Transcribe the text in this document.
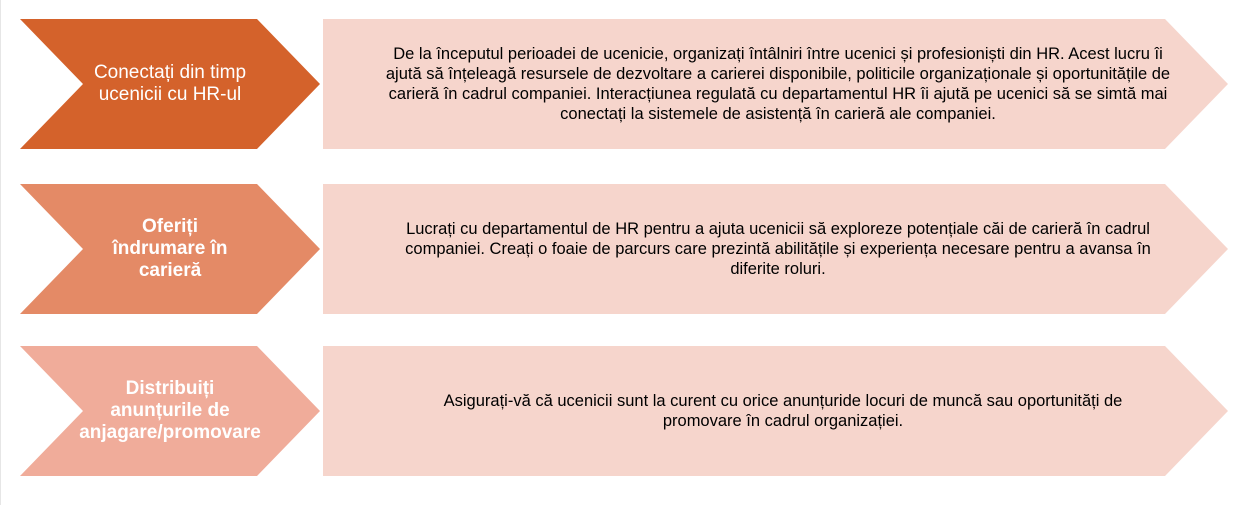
Conectați din timp ucenicii cu HR-ul
De la începutul perioadei de ucenicie, organizați întâlniri între ucenici și profesioniști din HR. Acest lucru îi ajută să înțeleagă resursele de dezvoltare a carierei disponibile, politicile organizaționale și oportunitățile de carieră în cadrul companiei. Interacțiunea regulată cu departamentul HR îi ajută pe ucenici să se simtă mai conectați la sistemele de asistență în carieră ale companiei.
Oferiți îndrumare în carieră
Lucrați cu departamentul de HR pentru a ajuta ucenicii să exploreze potențiale căi de carieră în cadrul companiei. Creați o foaie de parcurs care prezintă abilitățile și experiența necesare pentru a avansa în diferite roluri.
Distribuiți anunțurile de anjagare/promovare
Asigurați-vă că ucenicii sunt la curent cu orice anunțuride locuri de muncă sau oportunități de promovare în cadrul organizației.
